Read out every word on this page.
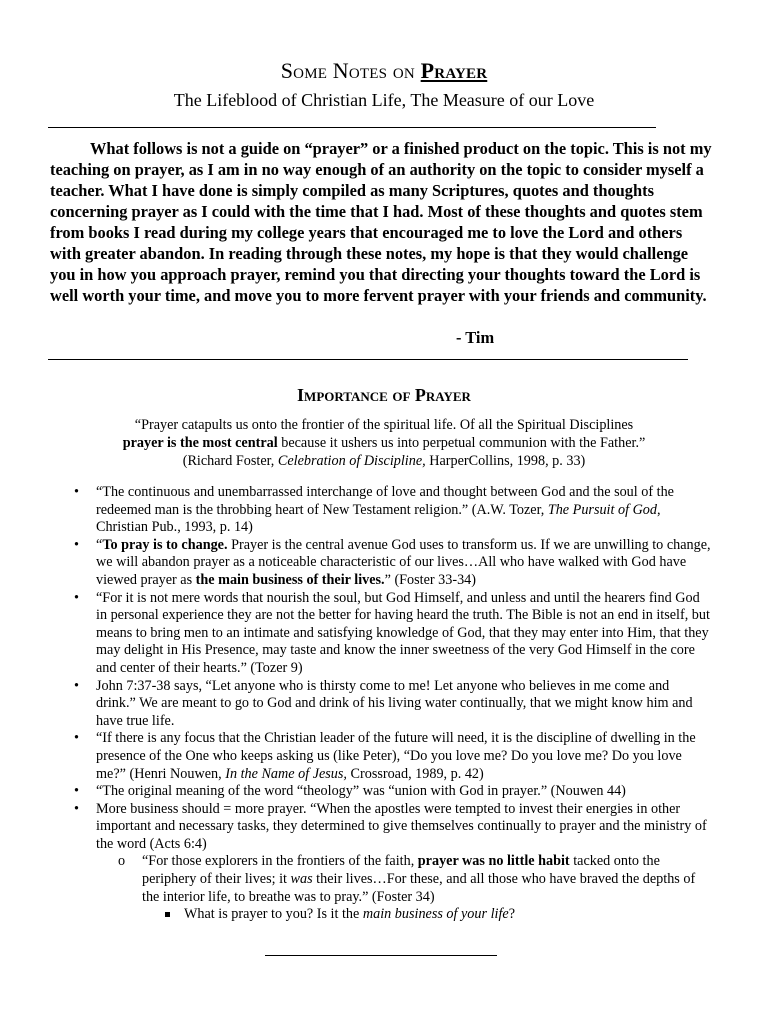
Some Notes on Prayer
The Lifeblood of Christian Life, The Measure of our Love

What follows is not a guide on “prayer” or a finished product on the topic. This is not my teaching on prayer, as I am in no way enough of an authority on the topic to consider myself a teacher. What I have done is simply compiled as many Scriptures, quotes and thoughts concerning prayer as I could with the time that I had. Most of these thoughts and quotes stem from books I read during my college years that encouraged me to love the Lord and others with greater abandon. In reading through these notes, my hope is that they would challenge you in how you approach prayer, remind you that directing your thoughts toward the Lord is well worth your time, and move you to more fervent prayer with your friends and community.

- Tim
Importance of Prayer
“Prayer catapults us onto the frontier of the spiritual life. Of all the Spiritual Disciplines
prayer is the most central because it ushers us into perpetual communion with the Father.”
(Richard Foster, Celebration of Discipline, HarperCollins, 1998, p. 33)
• “The continuous and unembarrassed interchange of love and thought between God and the soul of the redeemed man is the throbbing heart of New Testament religion.” (A.W. Tozer, The Pursuit of God, Christian Pub., 1993, p. 14)
• “To pray is to change. Prayer is the central avenue God uses to transform us. If we are unwilling to change, we will abandon prayer as a noticeable characteristic of our lives…All who have walked with God have viewed prayer as the main business of their lives.” (Foster 33-34)
• “For it is not mere words that nourish the soul, but God Himself, and unless and until the hearers find God in personal experience they are not the better for having heard the truth. The Bible is not an end in itself, but means to bring men to an intimate and satisfying knowledge of God, that they may enter into Him, that they may delight in His Presence, may taste and know the inner sweetness of the very God Himself in the core and center of their hearts.” (Tozer 9)
• John 7:37-38 says, “Let anyone who is thirsty come to me! Let anyone who believes in me come and drink.” We are meant to go to God and drink of his living water continually, that we might know him and have true life.
• “If there is any focus that the Christian leader of the future will need, it is the discipline of dwelling in the presence of the One who keeps asking us (like Peter), “Do you love me? Do you love me? Do you love me?” (Henri Nouwen, In the Name of Jesus, Crossroad, 1989, p. 42)
• “The original meaning of the word “theology” was “union with God in prayer.” (Nouwen 44)
• More business should = more prayer. “When the apostles were tempted to invest their energies in other important and necessary tasks, they determined to give themselves continually to prayer and the ministry of the word (Acts 6:4)
o “For those explorers in the frontiers of the faith, prayer was no little habit tacked onto the periphery of their lives; it was their lives…For these, and all those who have braved the depths of the interior life, to breathe was to pray.” (Foster 34)
What is prayer to you? Is it the main business of your life?
